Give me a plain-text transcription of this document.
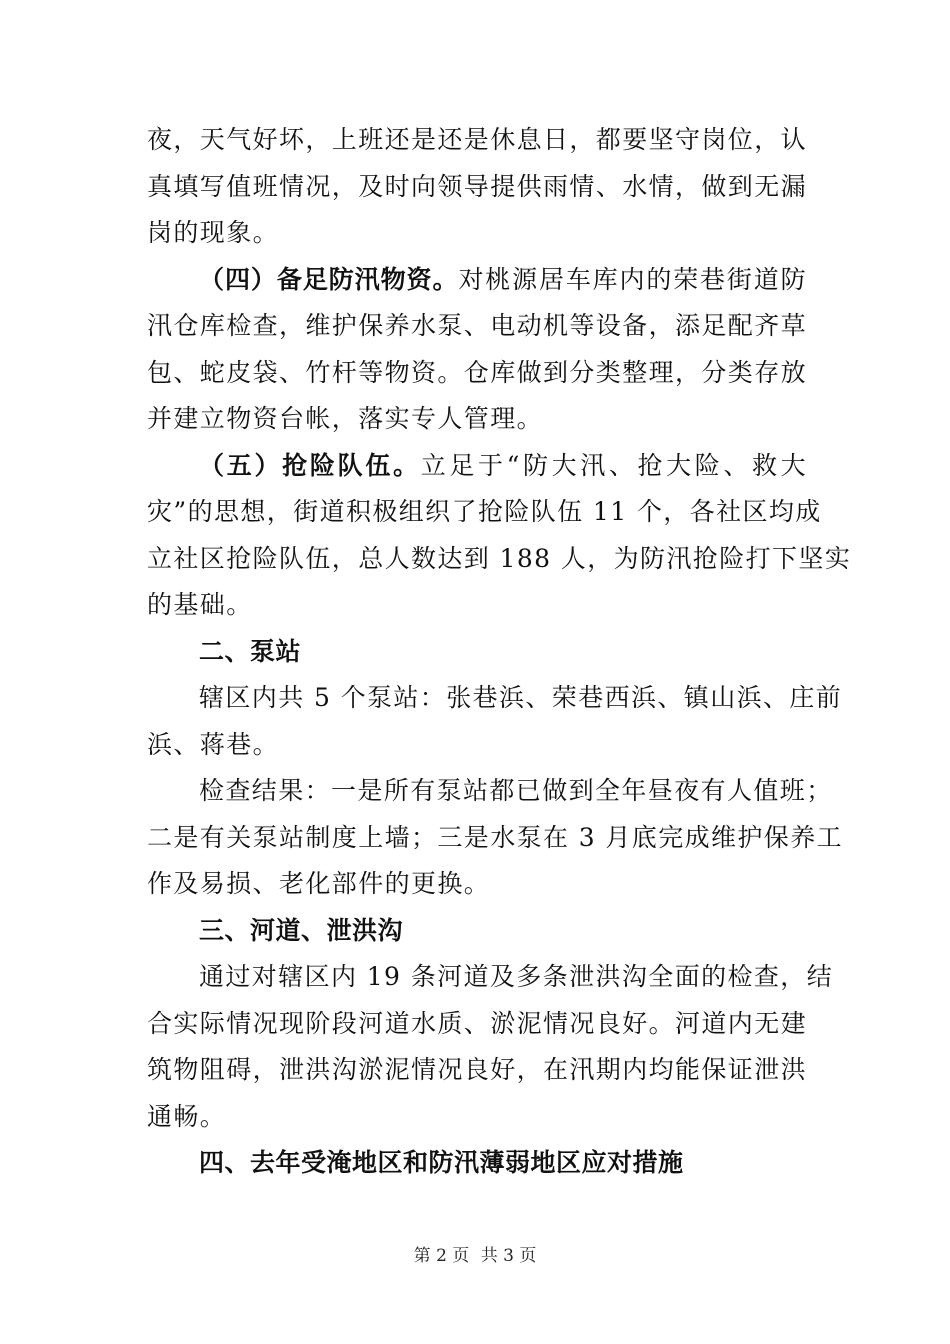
夜，天气好坏，上班还是还是休息日，都要坚守岗位，认
真填写值班情况，及时向领导提供雨情、水情，做到无漏
岗的现象。
（四）备足防汛物资。对桃源居车库内的荣巷街道防
汛仓库检查，维护保养水泵、电动机等设备，添足配齐草
包、蛇皮袋、竹杆等物资。仓库做到分类整理，分类存放
并建立物资台帐，落实专人管理。
（五）抢险队伍。立足于“防大汛、抢大险、救大
灾”的思想，街道积极组织了抢险队伍 11 个，各社区均成
立社区抢险队伍，总人数达到 188 人，为防汛抢险打下坚实
的基础。
二、泵站
辖区内共 5 个泵站：张巷浜、荣巷西浜、镇山浜、庄前
浜、蒋巷。
检查结果：一是所有泵站都已做到全年昼夜有人值班；
二是有关泵站制度上墙；三是水泵在 3 月底完成维护保养工
作及易损、老化部件的更换。
三、河道、泄洪沟
通过对辖区内 19 条河道及多条泄洪沟全面的检查，结
合实际情况现阶段河道水质、淤泥情况良好。河道内无建
筑物阻碍，泄洪沟淤泥情况良好，在汛期内均能保证泄洪
通畅。
四、去年受淹地区和防汛薄弱地区应对措施
第 2 页 共 3 页
